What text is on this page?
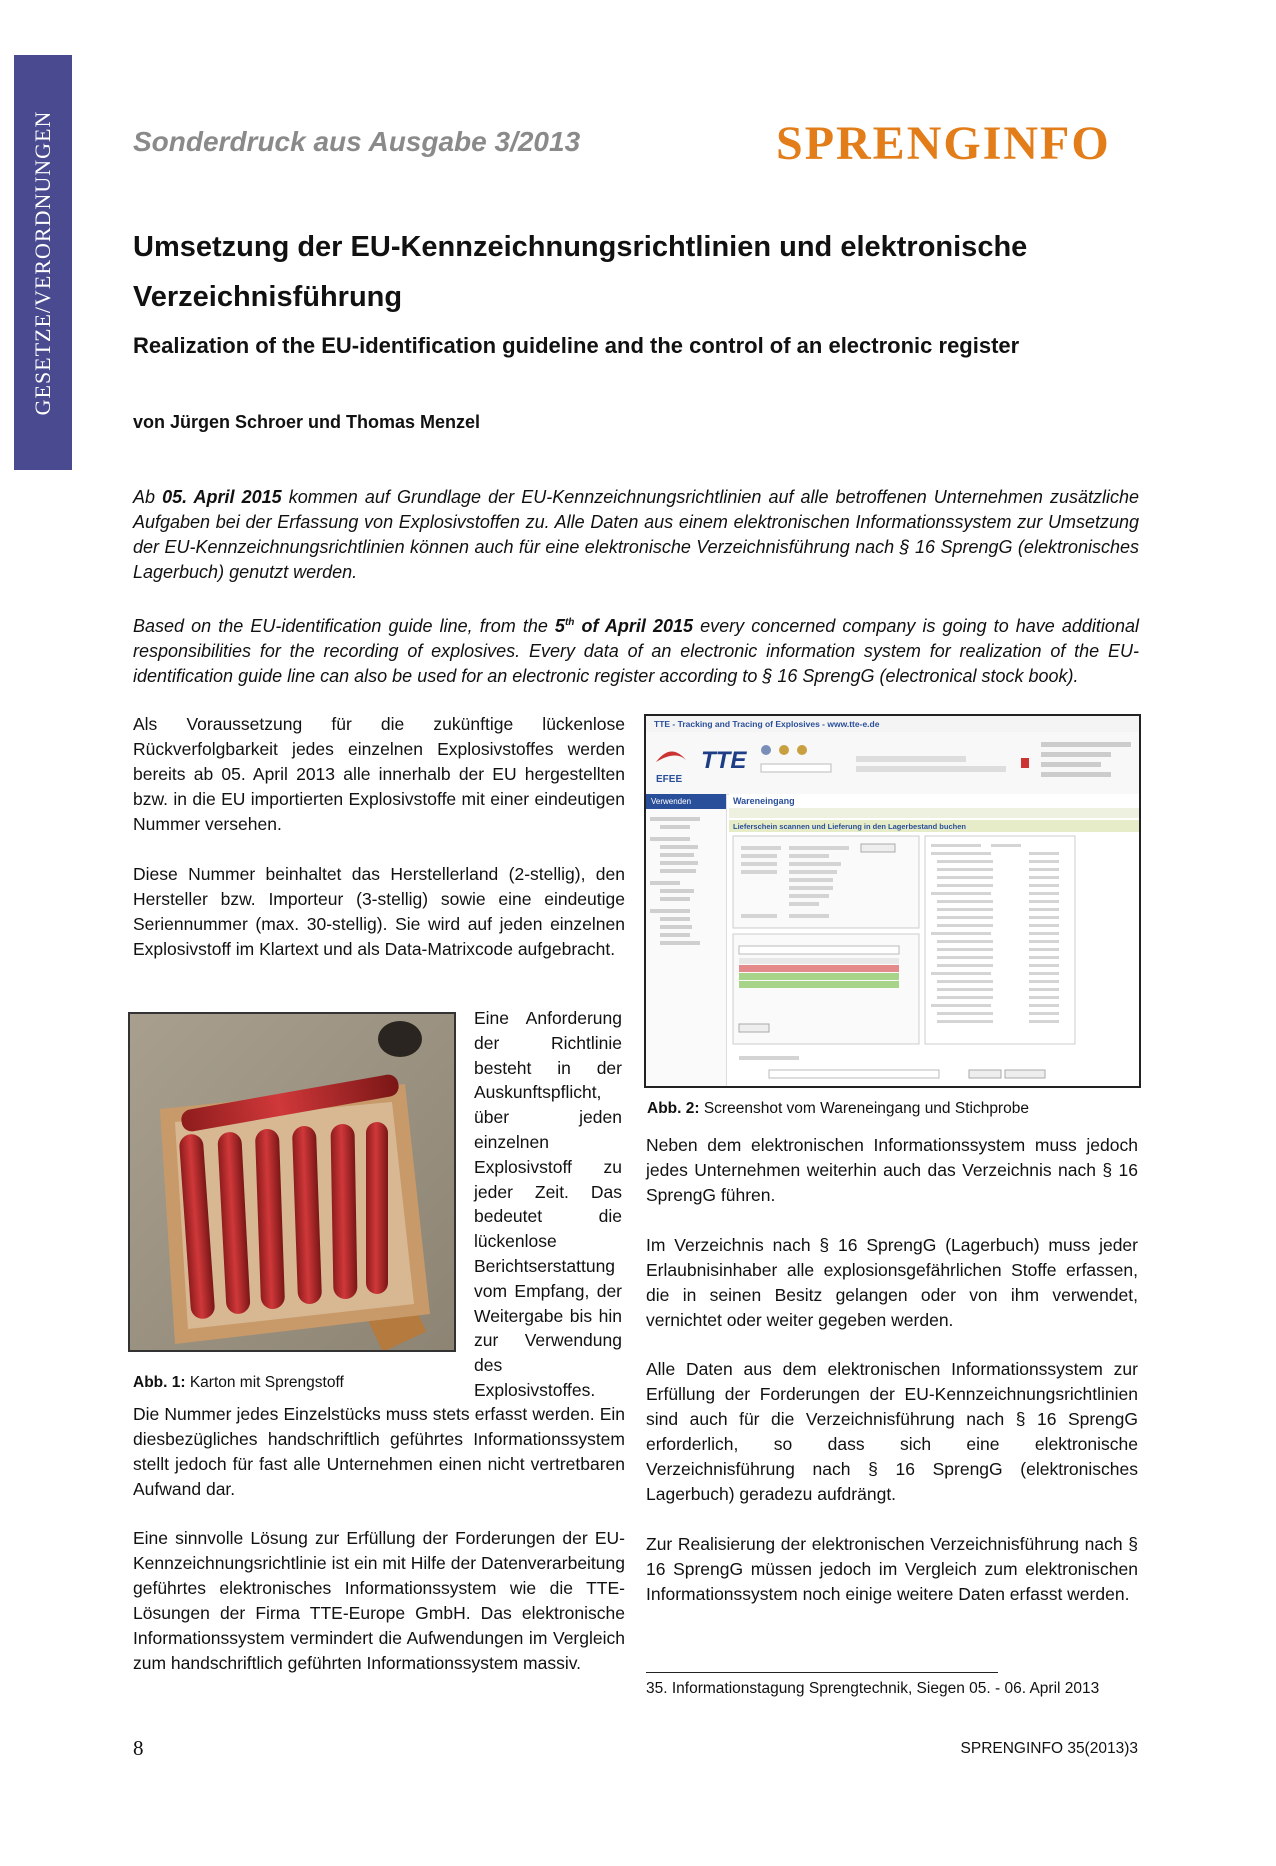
GESETZE/VERORDNUNGEN	Sonderdruck aus Ausgabe 3/2013	SPRENGINFO
Umsetzung der EU-Kennzeichnungsrichtlinien und elektronische Verzeichnisführung
Realization of the EU-identification guideline and the control of an electronic register
von Jürgen Schroer und Thomas Menzel
Ab 05. April 2015 kommen auf Grundlage der EU-Kennzeichnungsrichtlinien auf alle betroffenen Unternehmen zusätzliche Aufgaben bei der Erfassung von Explosivstoffen zu. Alle Daten aus einem elektronischen Informationssystem zur Umsetzung der EU-Kennzeichnungsrichtlinien können auch für eine elektronische Verzeichnisführung nach § 16 SprengG (elektronisches Lagerbuch) genutzt werden.
Based on the EU-identification guide line, from the 5th of April 2015 every concerned company is going to have additional responsibilities for the recording of explosives. Every data of an electronic information system for realization of the EU-identification guide line can also be used for an electronic register according to § 16 SprengG (electronical stock book).

Als Voraussetzung für die zukünftige lückenlose Rückverfolgbarkeit jedes einzelnen Explosivstoffes werden bereits ab 05. April 2013 alle innerhalb der EU hergestellten bzw. in die EU importierten Explosivstoffe mit einer eindeutigen Nummer versehen.

Diese Nummer beinhaltet das Herstellerland (2-stellig), den Hersteller bzw. Importeur (3-stellig) sowie eine eindeutige Seriennummer (max. 30-stellig). Sie wird auf jeden einzelnen Explosivstoff im Klartext und als Data-Matrixcode aufgebracht.

Abb. 1: Karton mit Sprengstoff

Eine Anforderung der Richtlinie besteht in der Auskunftspflicht, über jeden einzelnen Explosivstoff zu jeder Zeit. Das bedeutet die lückenlose Berichtserstattung vom Empfang, der Weitergabe bis hin zur Verwendung des Explosivstoffes.

Die Nummer jedes Einzelstücks muss stets erfasst werden. Ein diesbezügliches handschriftlich geführtes Informationssystem stellt jedoch für fast alle Unternehmen einen nicht vertretbaren Aufwand dar.

Eine sinnvolle Lösung zur Erfüllung der Forderungen der EU-Kennzeichnungsrichtlinie ist ein mit Hilfe der Datenverarbeitung geführtes elektronisches Informationssystem wie die TTE-Lösungen der Firma TTE-Europe GmbH. Das elektronische Informationssystem vermindert die Aufwendungen im Vergleich zum handschriftlich geführten Informationssystem massiv.

TTE - Tracking and Tracing of Explosives - www.tte-e.de
EFEE
TTE
Verwenden	Wareneingang
Lieferschein scannen und Lieferung in den Lagerbestand buchen
Abb. 2: Screenshot vom Wareneingang und Stichprobe

Neben dem elektronischen Informationssystem muss jedoch jedes Unternehmen weiterhin auch das Verzeichnis nach § 16 SprengG führen.

Im Verzeichnis nach § 16 SprengG (Lagerbuch) muss jeder Erlaubnisinhaber alle explosionsgefährlichen Stoffe erfassen, die in seinen Besitz gelangen oder von ihm verwendet, vernichtet oder weiter gegeben werden.

Alle Daten aus dem elektronischen Informationssystem zur Erfüllung der Forderungen der EU-Kennzeichnungsrichtlinien sind auch für die Verzeichnisführung nach § 16 SprengG erforderlich, so dass sich eine elektronische Verzeichnisführung nach § 16 SprengG (elektronisches Lagerbuch) geradezu aufdrängt.

Zur Realisierung der elektronischen Verzeichnisführung nach § 16 SprengG müssen jedoch im Vergleich zum elektronischen Informationssystem noch einige weitere Daten erfasst werden.

35. Informationstagung Sprengtechnik, Siegen 05. - 06. April 2013
8	SPRENGINFO 35(2013)3
